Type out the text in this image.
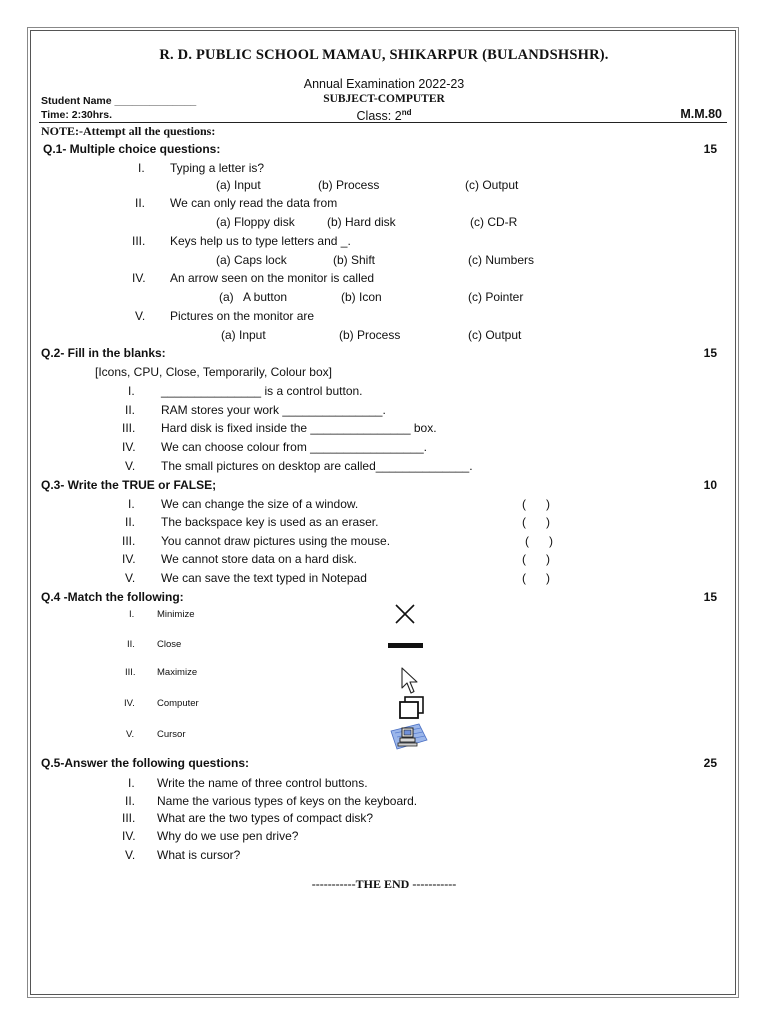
R. D. PUBLIC SCHOOL MAMAU, SHIKARPUR (BULANDSHSHR).
Annual Examination 2022-23
Student Name ______________	SUBJECT-COMPUTER
Time: 2:30hrs.	Class: 2nd	M.M.80
NOTE:-Attempt all the questions:
Q.1- Multiple choice questions:	15
I. Typing a letter is?
(a) Input	(b) Process	(c) Output
II. We can only read the data from
(a) Floppy disk	(b) Hard disk	(c) CD-R
III. Keys help us to type letters and _.
(a) Caps lock	(b) Shift	(c) Numbers
IV. An arrow seen on the monitor is called
(a)   A button	(b) Icon	(c) Pointer
V. Pictures on the monitor are
(a) Input	(b) Process	(c) Output
Q.2- Fill in the blanks:	15
[Icons, CPU, Close, Temporarily, Colour box]
I. _______________ is a control button.
II. RAM stores your work _______________.
III. Hard disk is fixed inside the _______________ box.
IV. We can choose colour from _________________.
V. The small pictures on desktop are called______________.
Q.3- Write the TRUE or FALSE;	10
I. We can change the size of a window.	(      )
II. The backspace key is used as an eraser.	(      )
III. You cannot draw pictures using the mouse.	(      )
IV. We cannot store data on a hard disk.	(      )
V. We can save the text typed in Notepad	(      )
Q.4 -Match the following:	15
I. Minimize
II. Close
III. Maximize
IV. Computer
V. Cursor
Q.5-Answer the following questions:	25
I. Write the name of three control buttons.
II. Name the various types of keys on the keyboard.
III. What are the two types of compact disk?
IV. Why do we use pen drive?
V. What is cursor?
-----------THE END -----------
